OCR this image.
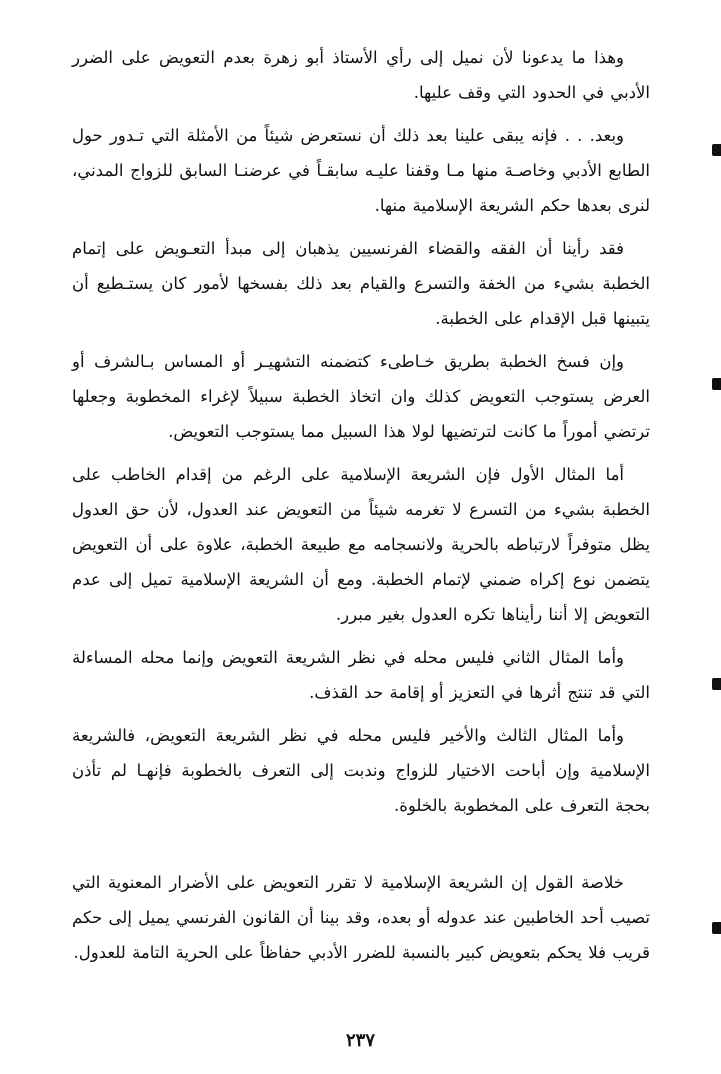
وهذا ما يدعونا لأن نميل إلى رأي الأستاذ أبو زهرة بعدم التعويض على الضرر الأدبي في الحدود التي وقف عليها.

وبعد. . . فإنه يبقى علينا بعد ذلك أن نستعرض شيئاً من الأمثلة التي تـدور حول الطابع الأدبي وخاصـة منها مـا وقفنا عليـه سابقـاً في عرضنـا السابق للزواج المدني، لنرى بعدها حكم الشريعة الإسلامية منها.

فقد رأينا أن الفقه والقضاء الفرنسيين يذهبان إلى مبدأ التعـويض على إتمام الخطبة بشيء من الخفة والتسرع والقيام بعد ذلك بفسخها لأمور كان يستـطيع أن يتبينها قبل الإقدام على الخطبة.

وإن فسخ الخطبة بطريق خـاطىء كتضمنه التشهيـر أو المساس بـالشرف أو العرض يستوجب التعويض كذلك وان اتخاذ الخطبة سبيلاً لإغراء المخطوبة وجعلها ترتضي أموراً ما كانت لترتضيها لولا هذا السبيل مما يستوجب التعويض.

أما المثال الأول فإن الشريعة الإسلامية على الرغم من إقدام الخاطب على الخطبة بشيء من التسرع لا تغرمه شيئاً من التعويض عند العدول، لأن حق العدول يظل متوفراً لارتباطه بالحرية ولانسجامه مع طبيعة الخطبة، علاوة على أن التعويض يتضمن نوع إكراه ضمني لإتمام الخطبة. ومع أن الشريعة الإسلامية تميل إلى عدم التعويض إلا أننا رأيناها تكره العدول بغير مبرر.

وأما المثال الثاني فليس محله في نظر الشريعة التعويض وإنما محله المساءلة التي قد تنتج أثرها في التعزيز أو إقامة حد القذف.

وأما المثال الثالث والأخير فليس محله في نظر الشريعة التعويض، فالشريعة الإسلامية وإن أباحت الاختيار للزواج وندبت إلى التعرف بالخطوبة فإنهـا لم تأذن بحجة التعرف على المخطوبة بالخلوة.

خلاصة القول إن الشريعة الإسلامية لا تقرر التعويض على الأضرار المعنوية التي تصيب أحد الخاطبين عند عدوله أو بعده، وقد بينا أن القانون الفرنسي يميل إلى حكم قريب فلا يحكم بتعويض كبير بالنسبة للضرر الأدبي حفاظاً على الحرية التامة للعدول.

٢٣٧
